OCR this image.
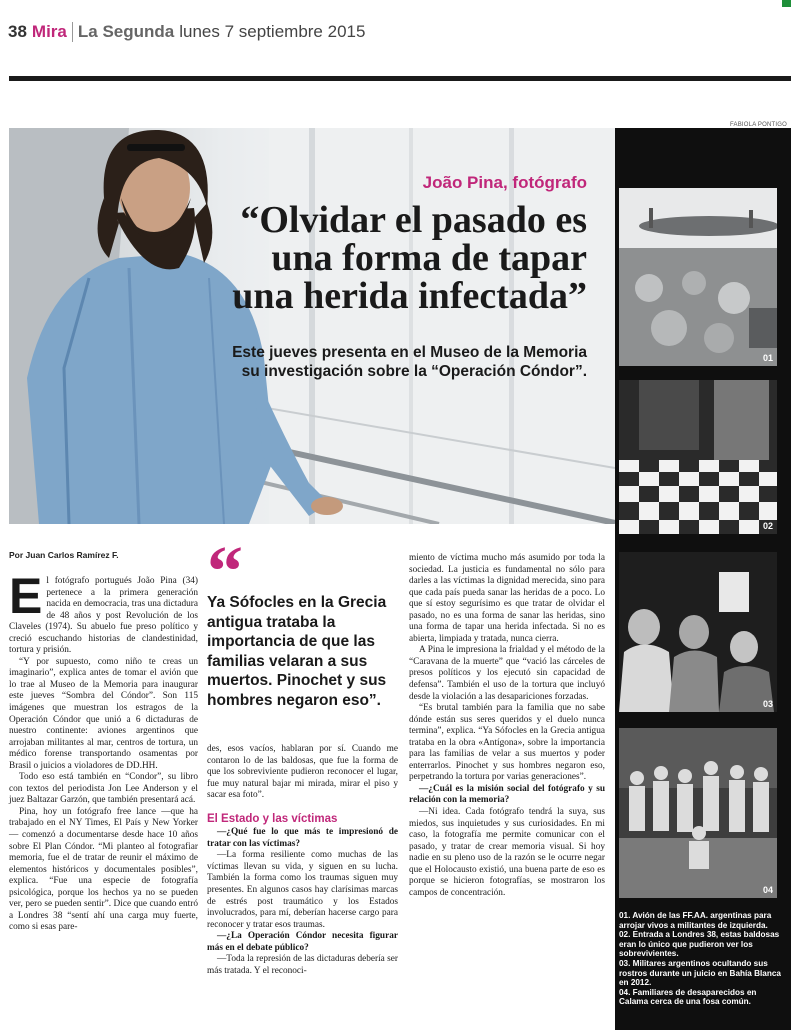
38 Mira La Segunda lunes 7 septiembre 2015
FABIOLA PONTIGO
João Pina, fotógrafo
“Olvidar el pasado es una forma de tapar una herida infectada”
Este jueves presenta en el Museo de la Memoria su investigación sobre la “Operación Cóndor”.
Por Juan Carlos Ramírez F.

El fotógrafo portugués João Pina (34) pertenece a la primera generación nacida en democracia, tras una dictadura de 48 años y post Revolución de los Claveles (1974). Su abuelo fue preso político y creció escuchando historias de clandestinidad, tortura y prisión.

“Y por supuesto, como niño te creas un imaginario”, explica antes de tomar el avión que lo trae al Museo de la Memoria para inaugurar este jueves “Sombra del Cóndor”. Son 115 imágenes que muestran los estragos de la Operación Cóndor que unió a 6 dictaduras de nuestro continente: aviones argentinos que arrojaban militantes al mar, centros de tortura, un médico forense transportando osamentas por Brasil o juicios a violadores de DD.HH.

Todo eso está también en “Condor”, su libro con textos del periodista Jon Lee Anderson y el juez Baltazar Garzón, que también presentará acá.

Pina, hoy un fotógrafo free lance —que ha trabajado en el NY Times, El País y New Yorker— comenzó a documentarse desde hace 10 años sobre El Plan Cóndor. “Mi planteo al fotografiar memoria, fue el de tratar de reunir el máximo de elementos históricos y documentales posibles”, explica. “Fue una especie de fotografía psicológica, porque los hechos ya no se pueden ver, pero se pueden sentir”. Dice que cuando entró a Londres 38 “sentí ahí una carga muy fuerte, como si esas pare-

“
Ya Sófocles en la Grecia antigua trataba la importancia de que las familias velaran a sus muertos. Pinochet y sus hombres negaron eso”.

des, esos vacíos, hablaran por sí. Cuando me contaron lo de las baldosas, que fue la forma de que los sobreviviente pudieron reconocer el lugar, fue muy natural bajar mi mirada, mirar el piso y sacar esa foto”.

El Estado y las víctimas

—¿Qué fue lo que más te impresionó de tratar con las víctimas?

—La forma resiliente como muchas de las víctimas llevan su vida, y siguen en su lucha. También la forma como los traumas siguen muy presentes. En algunos casos hay clarísimas marcas de estrés post traumático y los Estados involucrados, para mí, deberían hacerse cargo para reconocer y tratar esos traumas.

—¿La Operación Cóndor necesita figurar más en el debate público?

—Toda la represión de las dictaduras debería ser más tratada. Y el reconoci-

miento de víctima mucho más asumido por toda la sociedad. La justicia es fundamental no sólo para darles a las víctimas la dignidad merecida, sino para que cada país pueda sanar las heridas de a poco. Lo que sí estoy segurísimo es que tratar de olvidar el pasado, no es una forma de sanar las heridas, sino una forma de tapar una herida infectada. Si no es abierta, limpiada y tratada, nunca cierra.

A Pina le impresiona la frialdad y el método de la “Caravana de la muerte” que “vació las cárceles de presos políticos y los ejecutó sin capacidad de defensa”. También el uso de la tortura que incluyó desde la violación a las desapariciones forzadas.

“Es brutal también para la familia que no sabe dónde están sus seres queridos y el duelo nunca termina”, explica. “Ya Sófocles en la Grecia antigua trataba en la obra «Antígona», sobre la importancia para las familias de velar a sus muertos y poder enterrarlos. Pinochet y sus hombres negaron eso, perpetrando la tortura por varias generaciones”.

—¿Cuál es la misión social del fotógrafo y su relación con la memoria?

—Ni idea. Cada fotógrafo tendrá la suya, sus miedos, sus inquietudes y sus curiosidades. En mi caso, la fotografía me permite comunicar con el pasado, y tratar de crear memoria visual. Si hoy nadie en su pleno uso de la razón se le ocurre negar que el Holocausto existió, una buena parte de eso es porque se hicieron fotografías, se mostraron los campos de concentración.

01
02
03
04
01. Avión de las FF.AA. argentinas para arrojar vivos a militantes de izquierda.
02. Entrada a Londres 38, estas baldosas eran lo único que pudieron ver los sobrevivientes.
03. Militares argentinos ocultando sus rostros durante un juicio en Bahía Blanca en 2012.
04. Familiares de desaparecidos en Calama cerca de una fosa común.
